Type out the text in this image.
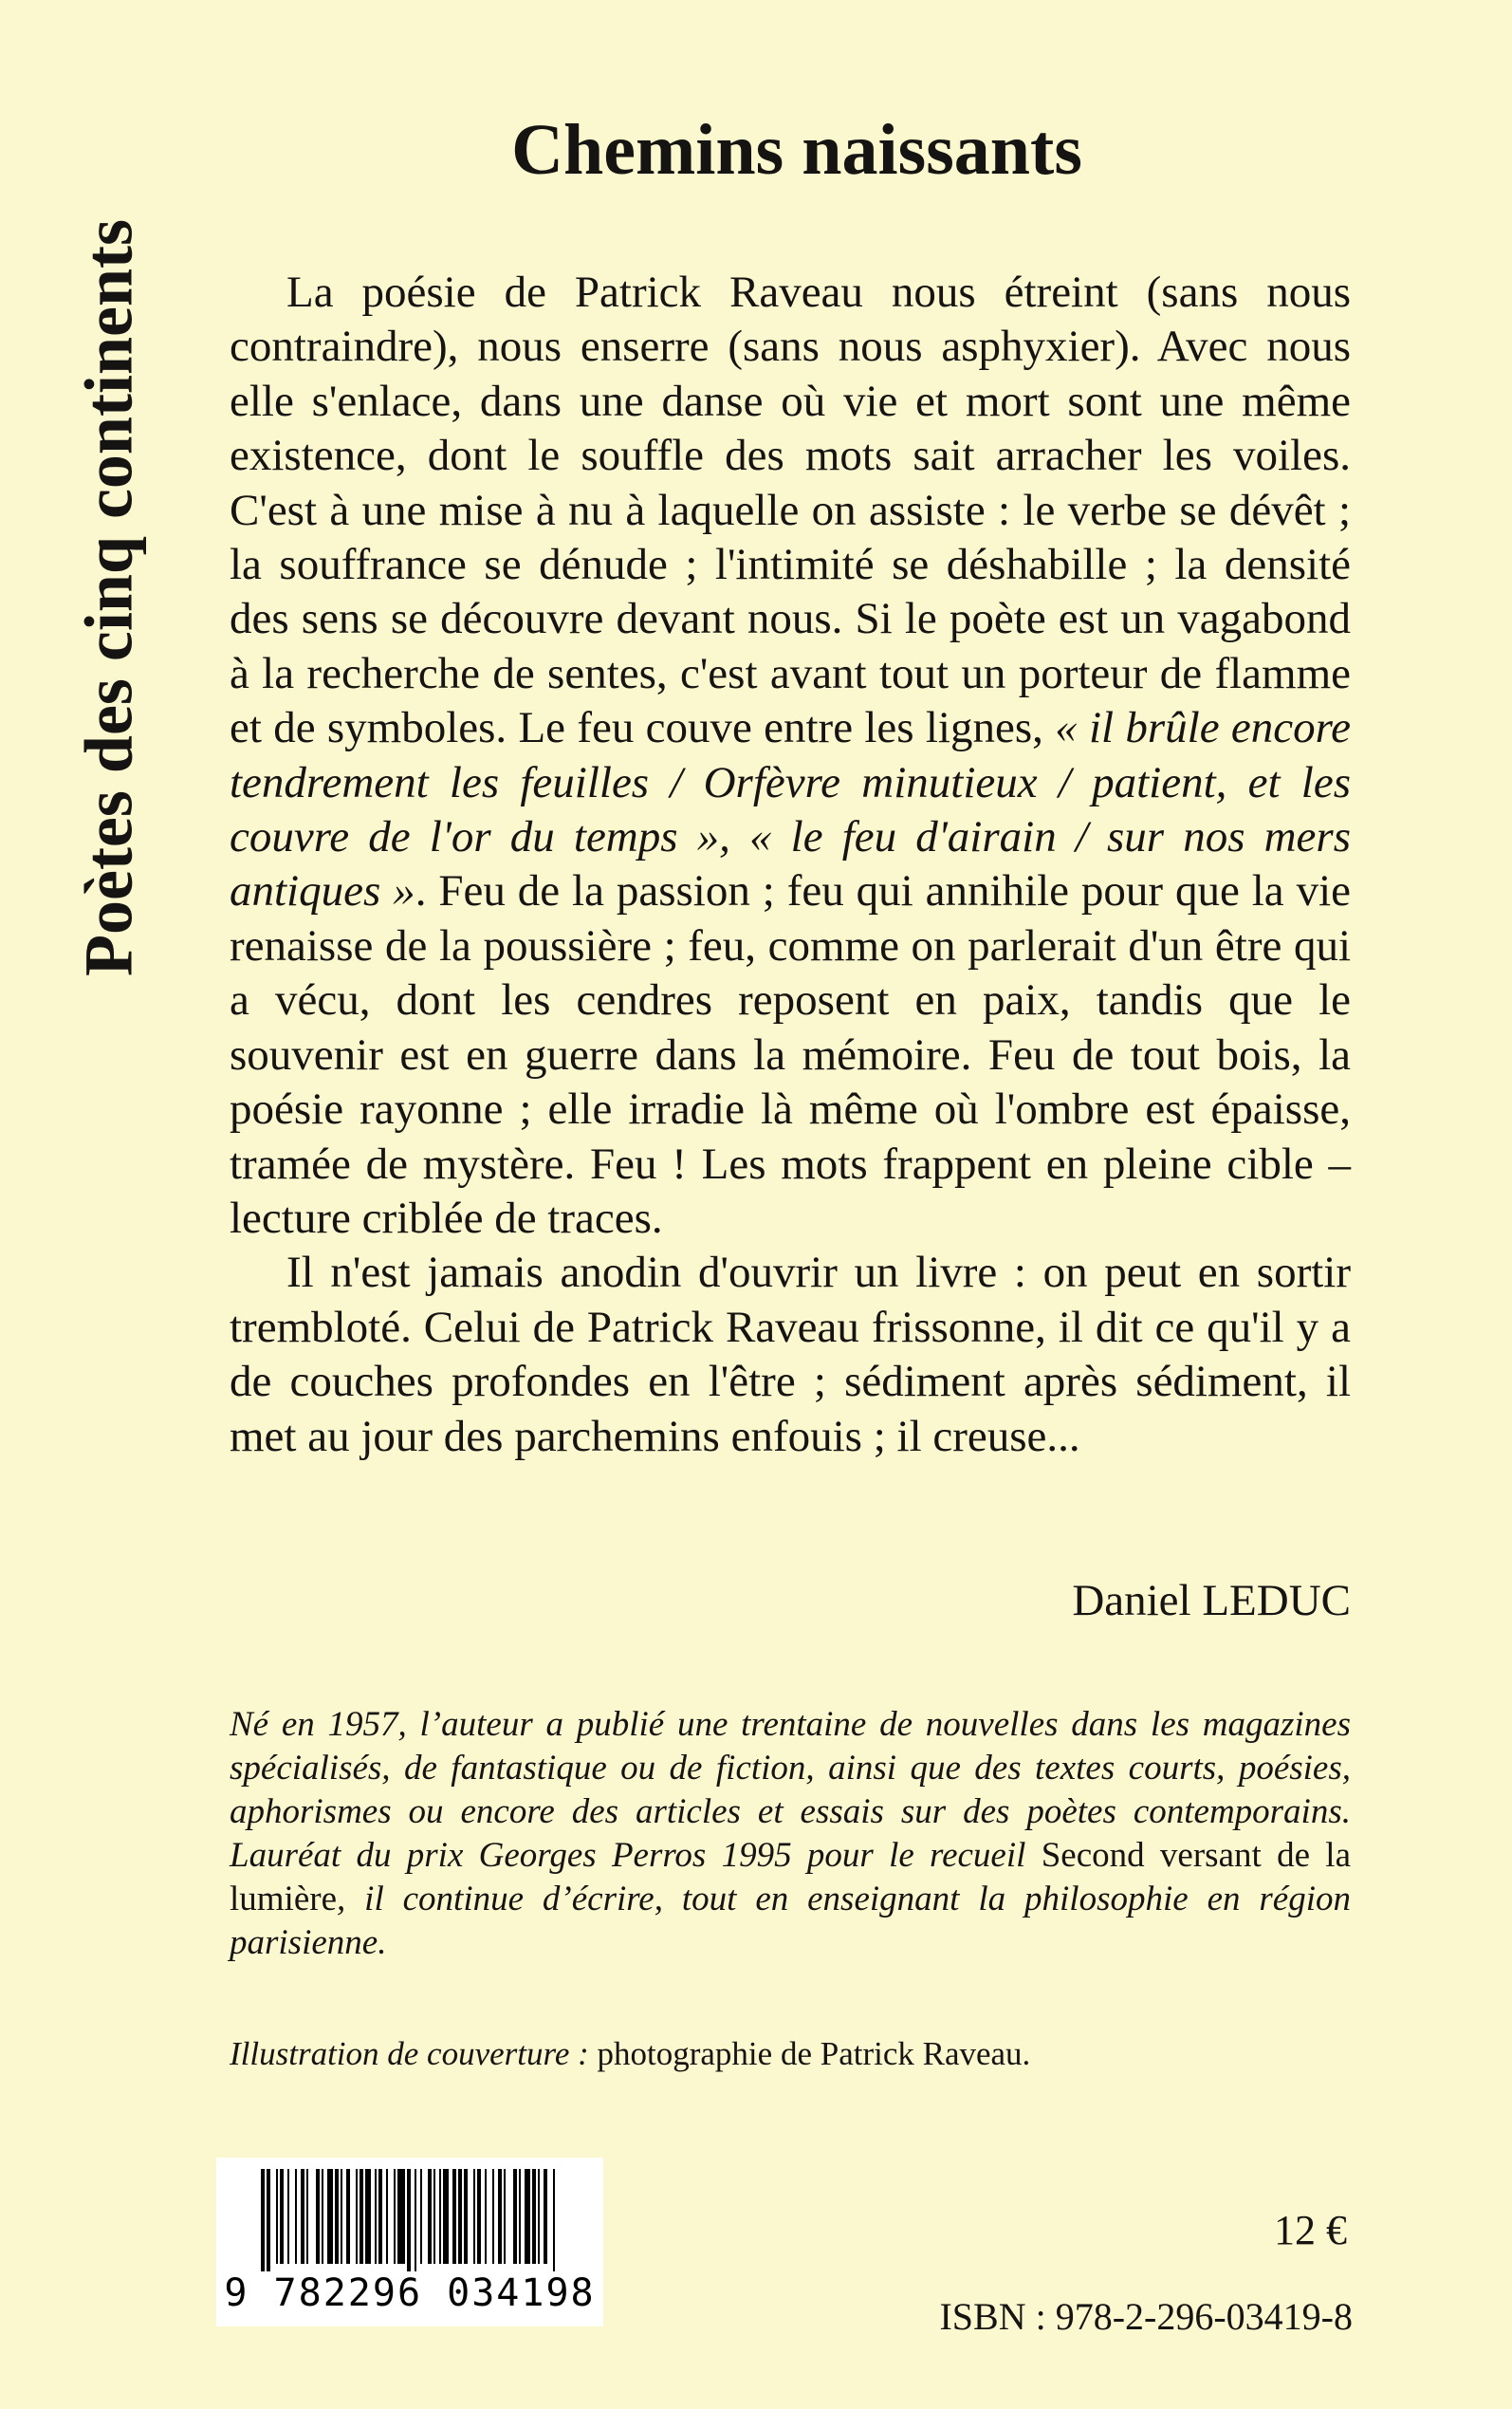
Poètes des cinq continents
Chemins naissants

La poésie de Patrick Raveau nous étreint (sans nous contraindre), nous enserre (sans nous asphyxier). Avec nous elle s'enlace, dans une danse où vie et mort sont une même existence, dont le souffle des mots sait arracher les voiles. C'est à une mise à nu à laquelle on assiste : le verbe se dévêt ; la souffrance se dénude ; l'intimité se déshabille ; la densité des sens se découvre devant nous. Si le poète est un vagabond à la recherche de sentes, c'est avant tout un porteur de flamme et de symboles. Le feu couve entre les lignes, « il brûle encore tendrement les feuilles / Orfèvre minutieux / patient, et les couvre de l'or du temps », « le feu d'airain / sur nos mers antiques ». Feu de la passion ; feu qui annihile pour que la vie renaisse de la poussière ; feu, comme on parlerait d'un être qui a vécu, dont les cendres reposent en paix, tandis que le souvenir est en guerre dans la mémoire. Feu de tout bois, la poésie rayonne ; elle irradie là même où l'ombre est épaisse, tramée de mystère. Feu ! Les mots frappent en pleine cible – lecture criblée de traces.

Il n'est jamais anodin d'ouvrir un livre : on peut en sortir trembloté. Celui de Patrick Raveau frissonne, il dit ce qu'il y a de couches profondes en l'être ; sédiment après sédiment, il met au jour des parchemins enfouis ; il creuse...

Daniel LEDUC

Né en 1957, l’auteur a publié une trentaine de nouvelles dans les magazines spécialisés, de fantastique ou de fiction, ainsi que des textes courts, poésies, aphorismes ou encore des articles et essais sur des poètes contemporains. Lauréat du prix Georges Perros 1995 pour le recueil Second versant de la lumière, il continue d’écrire, tout en enseignant la philosophie en région parisienne.

Illustration de couverture : photographie de Patrick Raveau.

9 782296 034198
12 €
ISBN : 978-2-296-03419-8
